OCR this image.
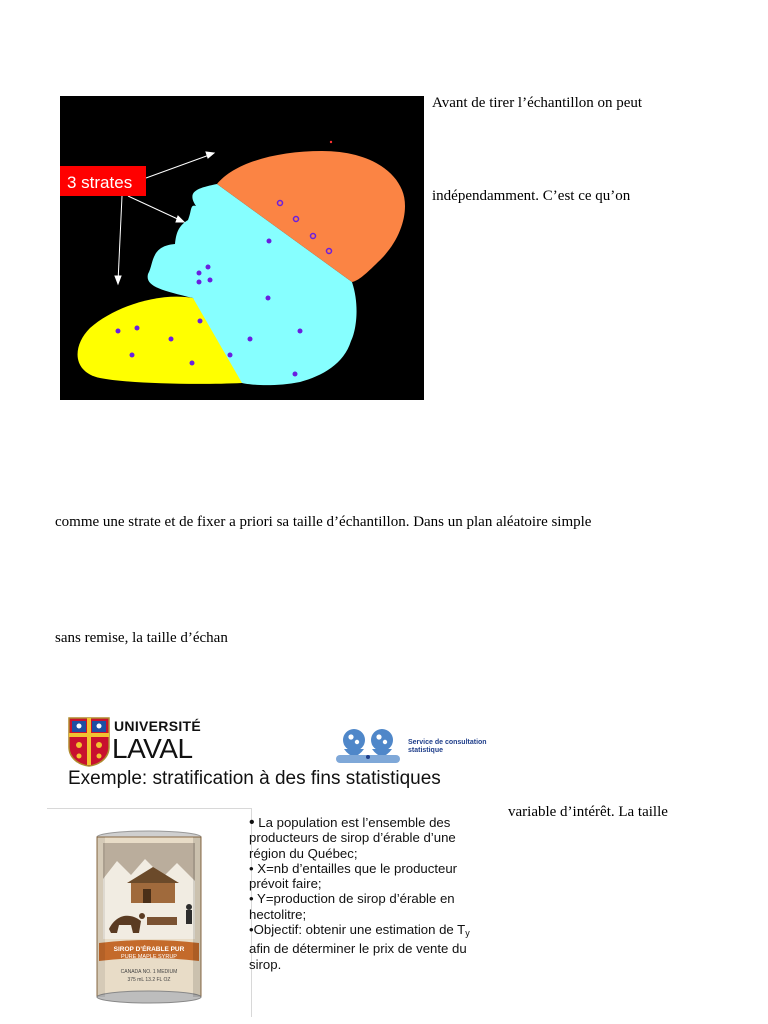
3 strates
Avant de tirer l’échantillon on peut
indépendamment. C’est ce qu’on
comme une strate et de fixer a priori sa taille d’échantillon. Dans un plan aléatoire simple
sans remise, la taille d’échan
variable d’intérêt. La taille
UNIVERSITÉ
LAVAL	Service de consultation statistique
Exemple: stratification à des fins statistiques
SIROP D’ÉRABLE PUR
PURE MAPLE SYRUP
CANADA NO. 1 MEDIUM
375 mL 13.2 FL OZ

• La population est l’ensemble des producteurs de sirop d’érable d’une région du Québec;

• X=nb d’entailles que le producteur prévoit faire;

• Y=production de sirop d’érable en hectolitre;

•Objectif: obtenir une estimation de $T_y$ afin de déterminer le prix de vente du sirop.
